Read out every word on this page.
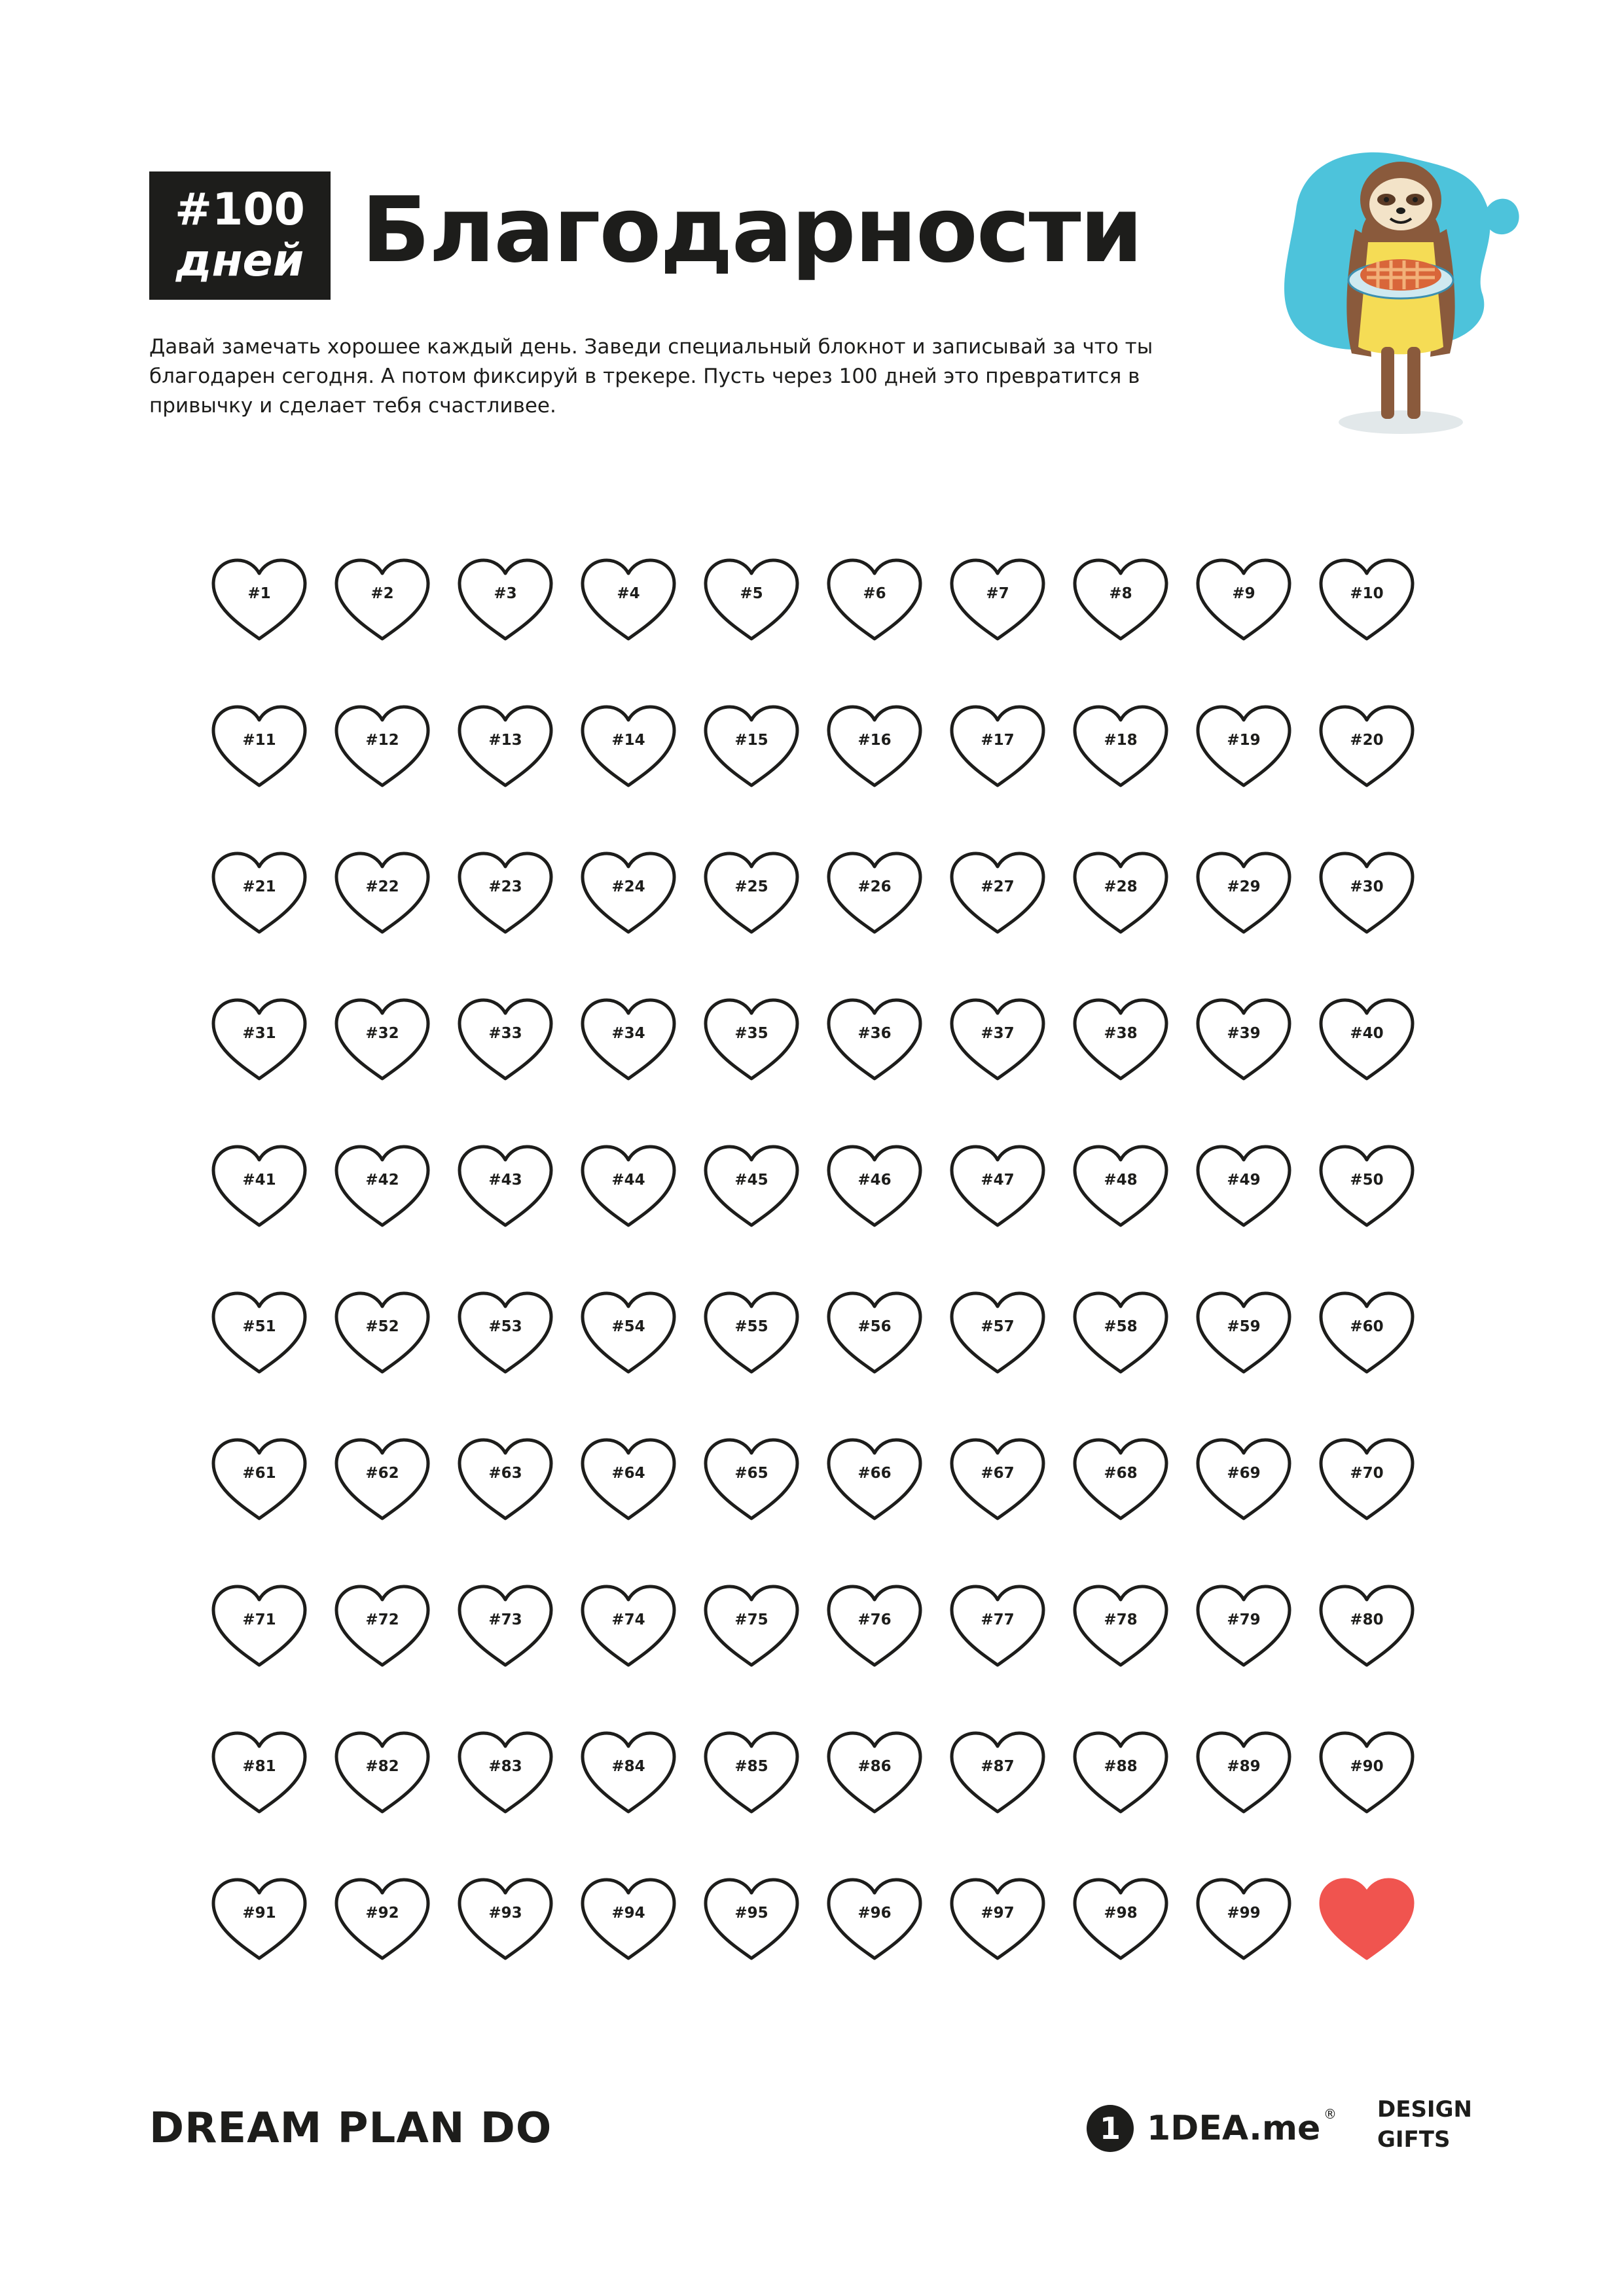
#100
дней Благодарности

Давай замечать хорошее каждый день. Заведи специальный блокнот и записывай за что ты благодарен сегодня. А потом фиксируй в трекере. Пусть через 100 дней это превратится в привычку и сделает тебя счастливее.

#1	#2	#3	#4	#5	#6	#7	#8	#9	#10
#11	#12	#13	#14	#15	#16	#17	#18	#19	#20
#21	#22	#23	#24	#25	#26	#27	#28	#29	#30
#31	#32	#33	#34	#35	#36	#37	#38	#39	#40
#41	#42	#43	#44	#45	#46	#47	#48	#49	#50
#51	#52	#53	#54	#55	#56	#57	#58	#59	#60
#61	#62	#63	#64	#65	#66	#67	#68	#69	#70
#71	#72	#73	#74	#75	#76	#77	#78	#79	#80
#81	#82	#83	#84	#85	#86	#87	#88	#89	#90
#91	#92	#93	#94	#95	#96	#97	#98	#99
DREAM PLAN DO	1 1DEA.me ® DESIGN
GIFTS
